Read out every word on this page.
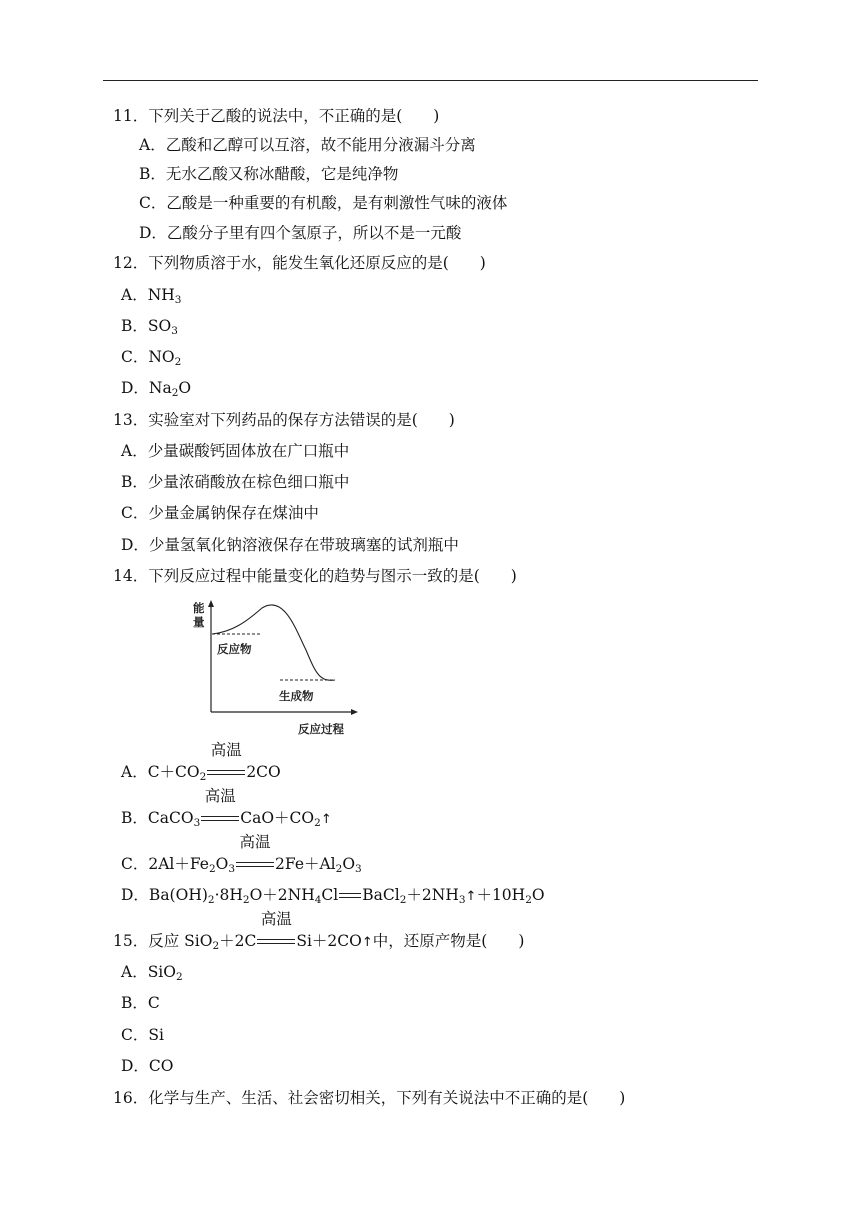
11．下列关于乙酸的说法中，不正确的是(　　)
A．乙酸和乙醇可以互溶，故不能用分液漏斗分离
B．无水乙酸又称冰醋酸，它是纯净物
C．乙酸是一种重要的有机酸，是有刺激性气味的液体
D．乙酸分子里有四个氢原子，所以不是一元酸
12．下列物质溶于水，能发生氧化还原反应的是(　　)
A．$NH_3$
B．$SO_3$
C．$NO_2$
D．$Na_2O$
13．实验室对下列药品的保存方法错误的是(　　)
A．少量碳酸钙固体放在广口瓶中
B．少量浓硝酸放在棕色细口瓶中
C．少量金属钠保存在煤油中
D．少量氢氧化钠溶液保存在带玻璃塞的试剂瓶中
14．下列反应过程中能量变化的趋势与图示一致的是(　　)
能
量
反应物
生成物
反应过程
A．$C+CO_2$
高温
2CO
B．CaCO$_3$
高温
$CaO+CO_2↑$
C．$2Al+Fe_2O_3$
高温
$2Fe+Al_2O_3$
D．$Ba(OH)_2\cdot 8H_2O+2NH_4Cl$ $BaCl_2+2NH_3↑+10H_2O$
15．反应 SiO$_2$＋2C
高温
Si＋2CO↑中，还原产物是(　　)
A．SiO$_2$
B．C
C．Si
D．CO
16．化学与生产、生活、社会密切相关，下列有关说法中不正确的是(　　)
